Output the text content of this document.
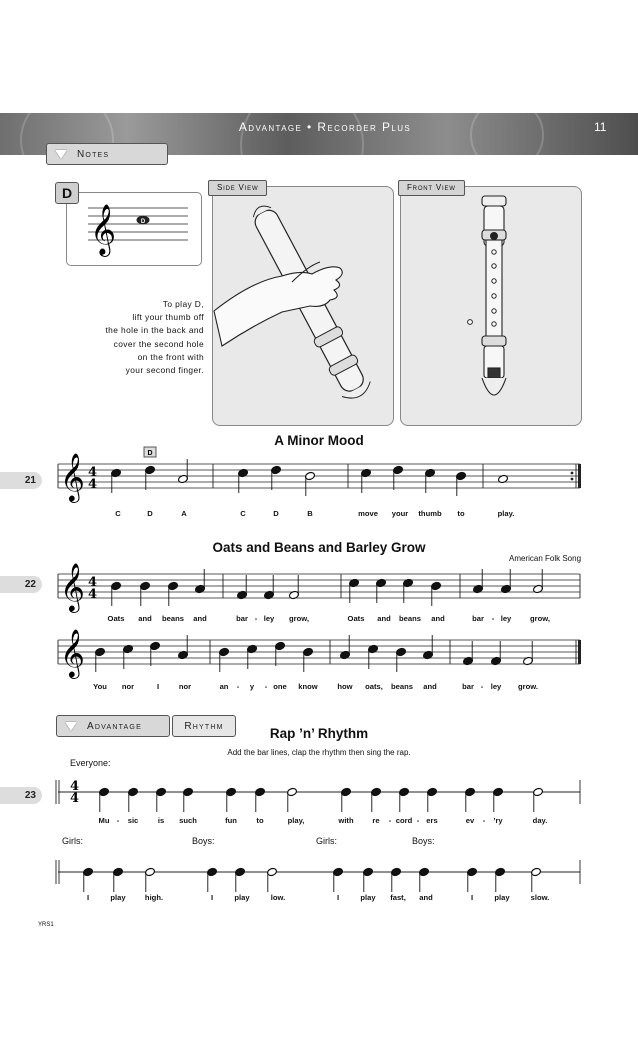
Advantage • Recorder Plus	11
Notes
D
𝄞	D
To play D,
lift your thumb off
the hole in the back and
cover the second hole
on the front with
your second finger.
Side View	Front View
A Minor Mood
21 𝄞 4
4
D
C	D	A	C	D	B	move your thumb to	play.
Oats and Beans and Barley Grow
American Folk Song
22 𝄞 4
4
Oats and beans and	bar - ley grow,	Oats and beans and	bar - ley grow,
𝄞
You nor	I	nor	an - y - one know	how oats, beans and	bar - ley grow.
Advantage	Rhythm	Rap ’n’ Rhythm
Add the bar lines, clap the rhythm then sing the rap.
Everyone:
23
4
4
Mu - sic	is such	fun	to	play,	with re - cord - ers	ev - ’ry	day.
Girls:	Boys:	Girls:	Boys:
I	play	high.	I	play	low.	I	play fast, and	I	play	slow.
YRS1
